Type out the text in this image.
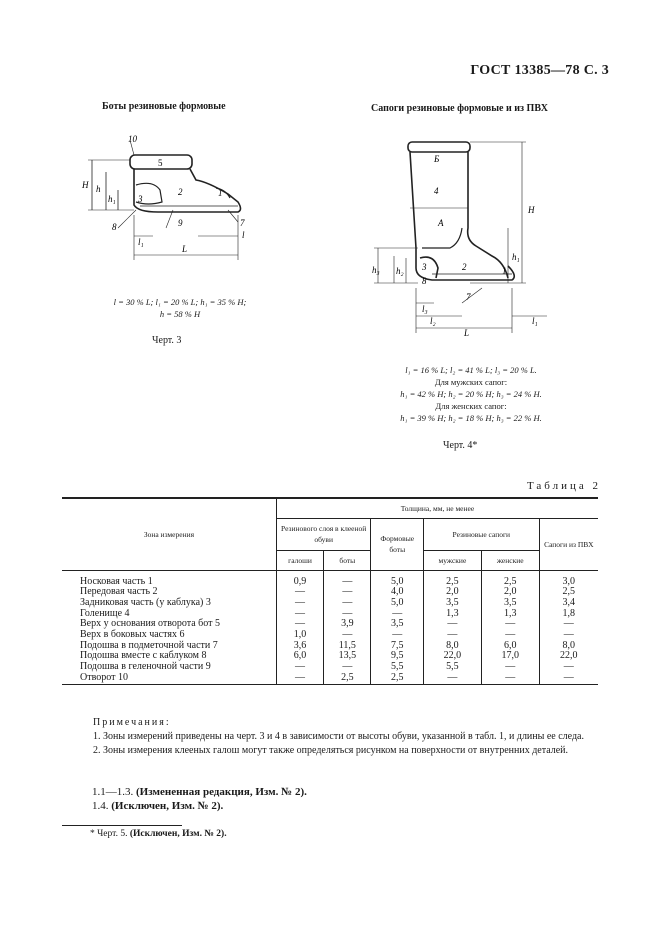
ГОСТ 13385—78 С. 3
Боты резиновые формовые
10
5
2
3
1
9
8	7
H h
h₁
l₁
l
L
l = 30 % L; l₁ = 20 % L; h₁ = 35 % H;
h = 58 % H
Черт. 3
Сапоги резиновые формовые и из ПВХ
Б
4
А
H
h₁
h₃ h₂ 3	2
8
7
1
l₃
l₂
L
l₁
l₁ = 16 % L; l₂ = 41 % L; l₃ = 20 % L.
Для мужских сапог:
h₁ = 42 % H; h₂ = 20 % H; h₃ = 24 % H.
Для женских сапог:
h₁ = 39 % H; h₂ = 18 % H; h₃ = 22 % H.
Черт. 4*
Таблица 2
Зона измерения	Толщина, мм, не менее					
	Резинового слоя в клееной обуви		Формовые боты	Резиновые сапоги		Сапоги из ПВХ
	галоши	боты		мужские	женские	
Носковая часть 1	0,9	—	5,0	2,5	2,5	3,0
Передовая часть 2	—	—	4,0	2,0	2,0	2,5
Задниковая часть (у каблука) 3	—	—	5,0	3,5	3,5	3,4
Голенище 4	—	—	—	1,3	1,3	1,8
Верх у основания отворота бот 5	—	3,9	3,5	—	—	—
Верх в боковых частях 6	1,0	—	—	—	—	—
Подошва в подметочной части 7	3,6	11,5	7,5	8,0	6,0	8,0
Подошва вместе с каблуком 8	6,0	13,5	9,5	22,0	17,0	22,0
Подошва в геленочной части 9	—	—	5,5	5,5	—	—
Отворот 10	—	2,5	2,5	—	—	—

Примечания:

1. Зоны измерений приведены на черт. 3 и 4 в зависимости от высоты обуви, указанной в табл. 1, и длины ее следа.

2. Зоны измерения клееных галош могут также определяться рисунком на поверхности от внутренних деталей.

1.1—1.3. (Измененная редакция, Изм. № 2).
1.4. (Исключен, Изм. № 2).
* Черт. 5. (Исключен, Изм. № 2).
